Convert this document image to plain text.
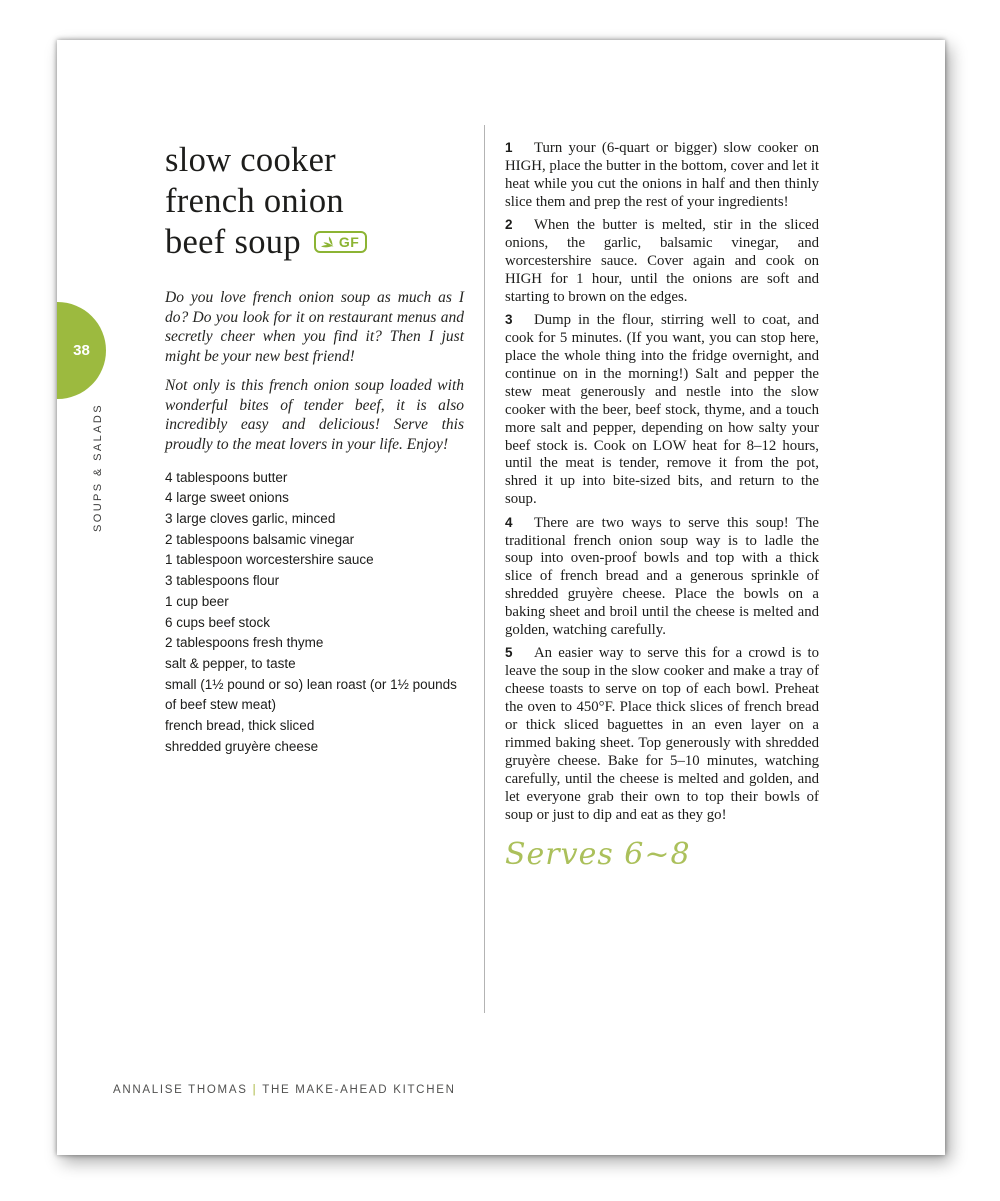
38
SOUPS & SALADS
slow cooker
french onion
beef soup	GF

Do you love french onion soup as much as I do? Do you look for it on restaurant menus and secretly cheer when you find it? Then I just might be your new best friend!

Not only is this french onion soup loaded with wonderful bites of tender beef, it is also incredibly easy and delicious! Serve this proudly to the meat lovers in your life. Enjoy!

4 tablespoons butter
4 large sweet onions
3 large cloves garlic, minced
2 tablespoons balsamic vinegar
1 tablespoon worcestershire sauce
3 tablespoons flour
1 cup beer
6 cups beef stock
2 tablespoons fresh thyme
salt & pepper, to taste
small (1½ pound or so) lean roast (or 1½ pounds of beef stew meat)
french bread, thick sliced
shredded gruyère cheese

1 Turn your (6-quart or bigger) slow cooker on HIGH, place the butter in the bottom, cover and let it heat while you cut the onions in half and then thinly slice them and prep the rest of your ingredients!

2 When the butter is melted, stir in the sliced onions, the garlic, balsamic vinegar, and worcestershire sauce. Cover again and cook on HIGH for 1 hour, until the onions are soft and starting to brown on the edges.

3 Dump in the flour, stirring well to coat, and cook for 5 minutes. (If you want, you can stop here, place the whole thing into the fridge overnight, and continue on in the morning!) Salt and pepper the stew meat generously and nestle into the slow cooker with the beer, beef stock, thyme, and a touch more salt and pepper, depending on how salty your beef stock is. Cook on LOW heat for 8–12 hours, until the meat is tender, remove it from the pot, shred it up into bite-sized bits, and return to the soup.

4 There are two ways to serve this soup! The traditional french onion soup way is to ladle the soup into oven-proof bowls and top with a thick slice of french bread and a generous sprinkle of shredded gruyère cheese. Place the bowls on a baking sheet and broil until the cheese is melted and golden, watching carefully.

5 An easier way to serve this for a crowd is to leave the soup in the slow cooker and make a tray of cheese toasts to serve on top of each bowl. Preheat the oven to 450°F. Place thick slices of french bread or thick sliced baguettes in an even layer on a rimmed baking sheet. Top generously with shredded gruyère cheese. Bake for 5–10 minutes, watching carefully, until the cheese is melted and golden, and let everyone grab their own to top their bowls of soup or just to dip and eat as they go!

Serves 6~8
ANNALISE THOMAS | THE MAKE-AHEAD KITCHEN
